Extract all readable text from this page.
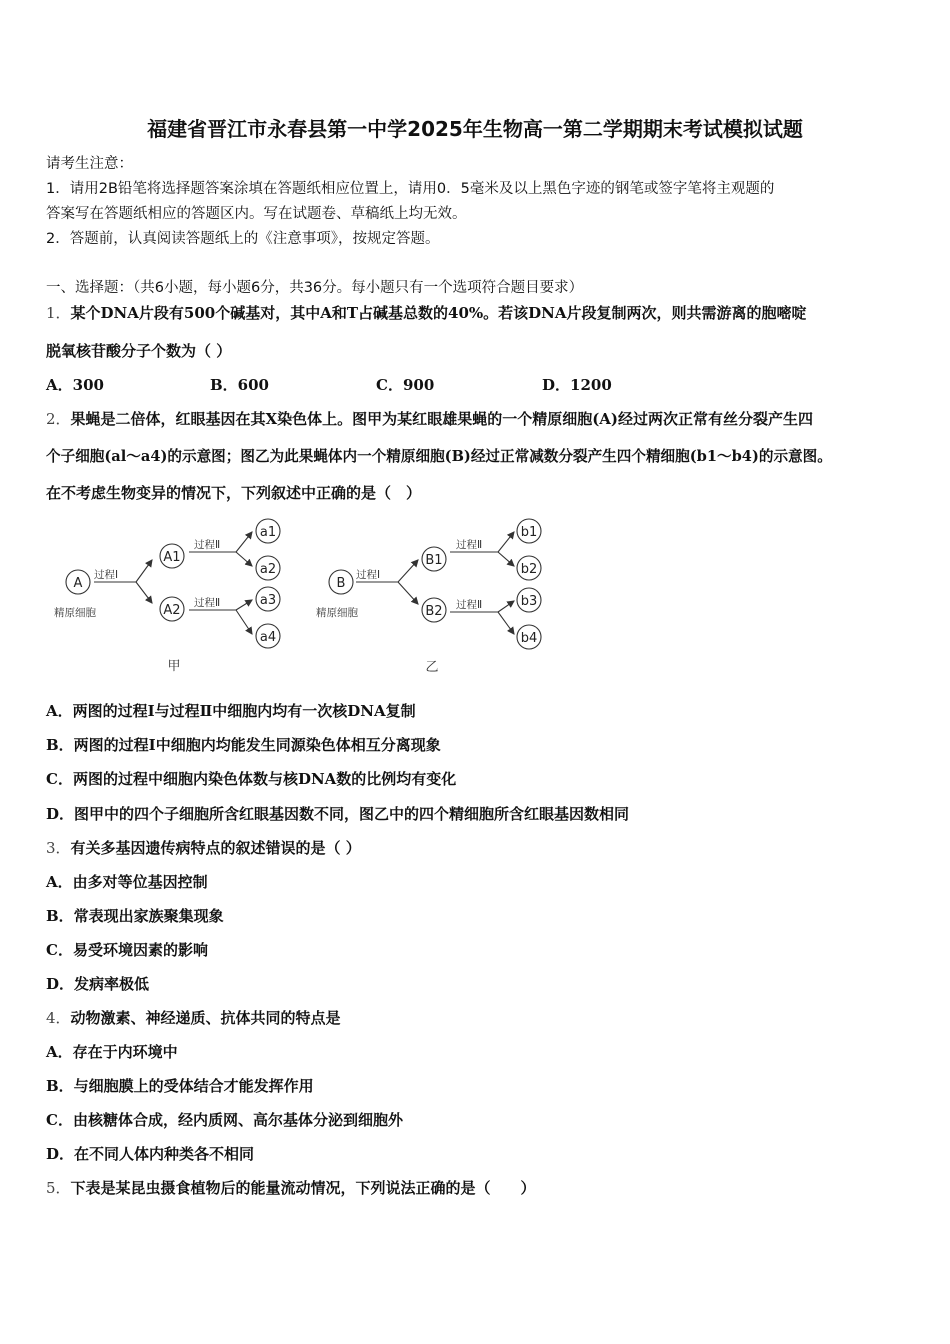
福建省晋江市永春县第一中学2025年生物高一第二学期期末考试模拟试题
请考生注意：
1．请用2B铅笔将选择题答案涂填在答题纸相应位置上，请用0．5毫米及以上黑色字迹的钢笔或签字笔将主观题的
答案写在答题纸相应的答题区内。写在试题卷、草稿纸上均无效。
2．答题前，认真阅读答题纸上的《注意事项》，按规定答题。
一、选择题：（共6小题，每小题6分，共36分。每小题只有一个选项符合题目要求）
1．某个DNA片段有500个碱基对，其中A和T占碱基总数的40%。若该DNA片段复制两次，则共需游离的胞嘧啶
脱氧核苷酸分子个数为（ ）
A．300	B．600	C．900	D．1200
2．果蝇是二倍体，红眼基因在其X染色体上。图甲为某红眼雄果蝇的一个精原细胞(A)经过两次正常有丝分裂产生四
个子细胞(al～a4)的示意图；图乙为此果蝇体内一个精原细胞(B)经过正常减数分裂产生四个精细胞(b1～b4)的示意图。
在不考虑生物变异的情况下，下列叙述中正确的是（　）
A
A1
A2
a1
a2
a3
a4
B
B1
B2
b1
b2
b3
b4
过程Ⅰ
过程Ⅱ
过程Ⅱ
精原细胞
过程Ⅰ
过程Ⅱ
过程Ⅱ
精原细胞
甲	乙
A．两图的过程Ⅰ与过程Ⅱ中细胞内均有一次核DNA复制
B．两图的过程Ⅰ中细胞内均能发生同源染色体相互分离现象
C．两图的过程中细胞内染色体数与核DNA数的比例均有变化
D．图甲中的四个子细胞所含红眼基因数不同，图乙中的四个精细胞所含红眼基因数相同
3．有关多基因遗传病特点的叙述错误的是（ ）
A．由多对等位基因控制
B．常表现出家族聚集现象
C．易受环境因素的影响
D．发病率极低
4．动物激素、神经递质、抗体共同的特点是
A．存在于内环境中
B．与细胞膜上的受体结合才能发挥作用
C．由核糖体合成，经内质网、高尔基体分泌到细胞外
D．在不同人体内种类各不相同
5．下表是某昆虫摄食植物后的能量流动情况，下列说法正确的是（　　）
